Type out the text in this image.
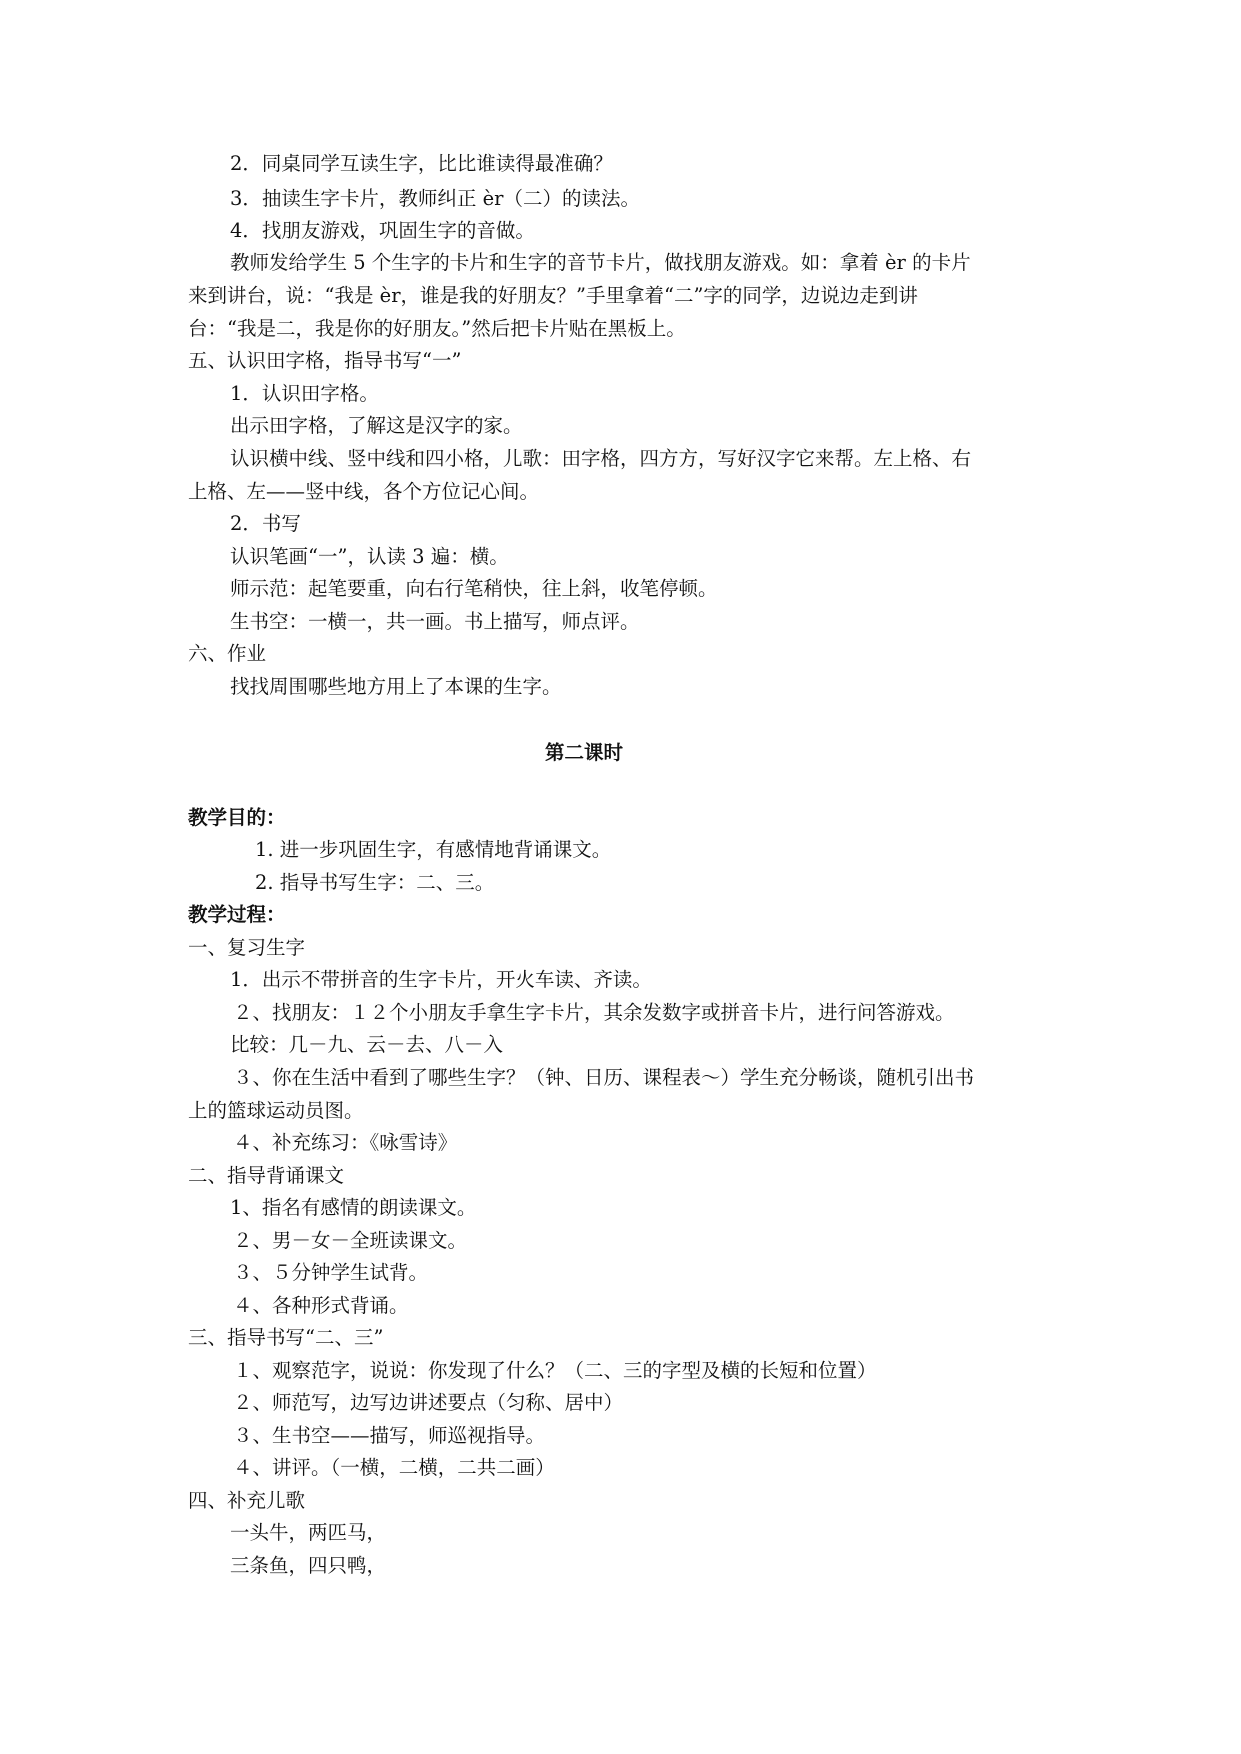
2．同桌同学互读生字，比比谁读得最准确？
3．抽读生字卡片，教师纠正 èr（二）的读法。
4．找朋友游戏，巩固生字的音做。
教师发给学生 5 个生字的卡片和生字的音节卡片，做找朋友游戏。如：拿着 èr 的卡片
来到讲台，说：“我是 èr，谁是我的好朋友？”手里拿着“二”字的同学，边说边走到讲
台：“我是二，我是你的好朋友。”然后把卡片贴在黑板上。
五、认识田字格，指导书写“一”
1．认识田字格。
出示田字格，了解这是汉字的家。
认识横中线、竖中线和四小格，儿歌：田字格，四方方，写好汉字它来帮。左上格、右
上格、左——竖中线，各个方位记心间。
2．书写
认识笔画“一”，认读 3 遍：横。
师示范：起笔要重，向右行笔稍快，往上斜，收笔停顿。
生书空：一横一，共一画。书上描写，师点评。
六、作业
找找周围哪些地方用上了本课的生字。
第二课时
教学目的：
1. 进一步巩固生字，有感情地背诵课文。
2. 指导书写生字：二、三。
教学过程：
一、复习生字
1．出示不带拼音的生字卡片，开火车读、齐读。
２、找朋友：１２个小朋友手拿生字卡片，其余发数字或拼音卡片，进行问答游戏。
比较：几－九、云－去、八－入
３、你在生活中看到了哪些生字？（钟、日历、课程表～）学生充分畅谈，随机引出书
上的篮球运动员图。
４、补充练习：《咏雪诗》
二、指导背诵课文
1、指名有感情的朗读课文。
２、男－女－全班读课文。
３、５分钟学生试背。
４、各种形式背诵。
三、指导书写“二、三”
１、观察范字，说说：你发现了什么？（二、三的字型及横的长短和位置）
２、师范写，边写边讲述要点（匀称、居中）
３、生书空——描写，师巡视指导。
４、讲评。（一横，二横，二共二画）
四、补充儿歌
一头牛，两匹马，
三条鱼，四只鸭，
